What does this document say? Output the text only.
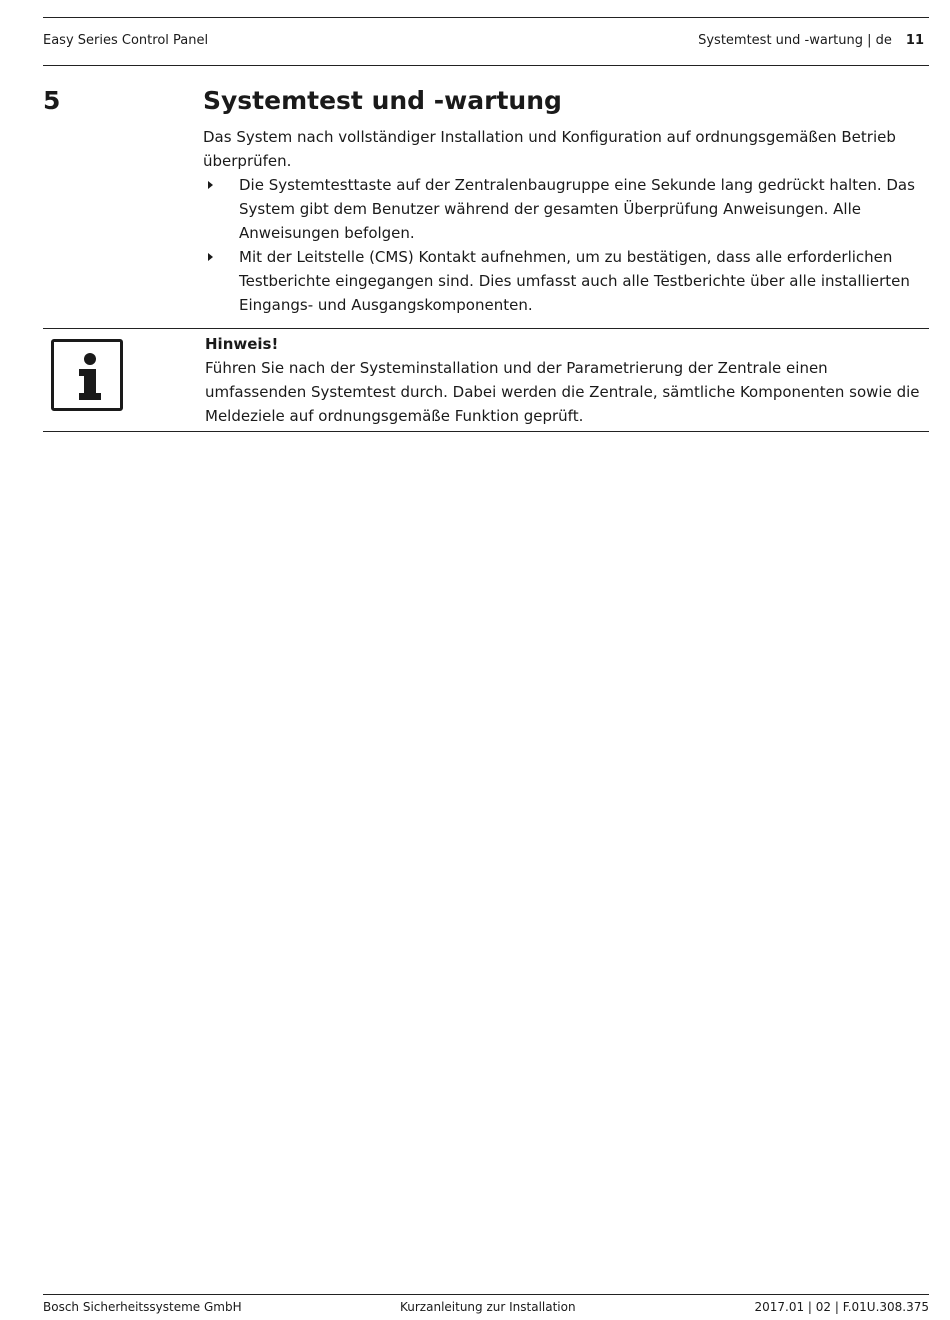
Easy Series Control Panel	Systemtest und -wartung | de 11
5	Systemtest und -wartung
Das System nach vollständiger Installation und Konfiguration auf ordnungsgemäßen Betrieb überprüfen.
Die Systemtesttaste auf der Zentralenbaugruppe eine Sekunde lang gedrückt halten. Das System gibt dem Benutzer während der gesamten Überprüfung Anweisungen. Alle Anweisungen befolgen.
Mit der Leitstelle (CMS) Kontakt aufnehmen, um zu bestätigen, dass alle erforderlichen Testberichte eingegangen sind. Dies umfasst auch alle Testberichte über alle installierten Eingangs- und Ausgangskomponenten.
Hinweis!
Führen Sie nach der Systeminstallation und der Parametrierung der Zentrale einen umfassenden Systemtest durch. Dabei werden die Zentrale, sämtliche Komponenten sowie die Meldeziele auf ordnungsgemäße Funktion geprüft.
Bosch Sicherheitssysteme GmbH	Kurzanleitung zur Installation	2017.01 | 02 | F.01U.308.375
